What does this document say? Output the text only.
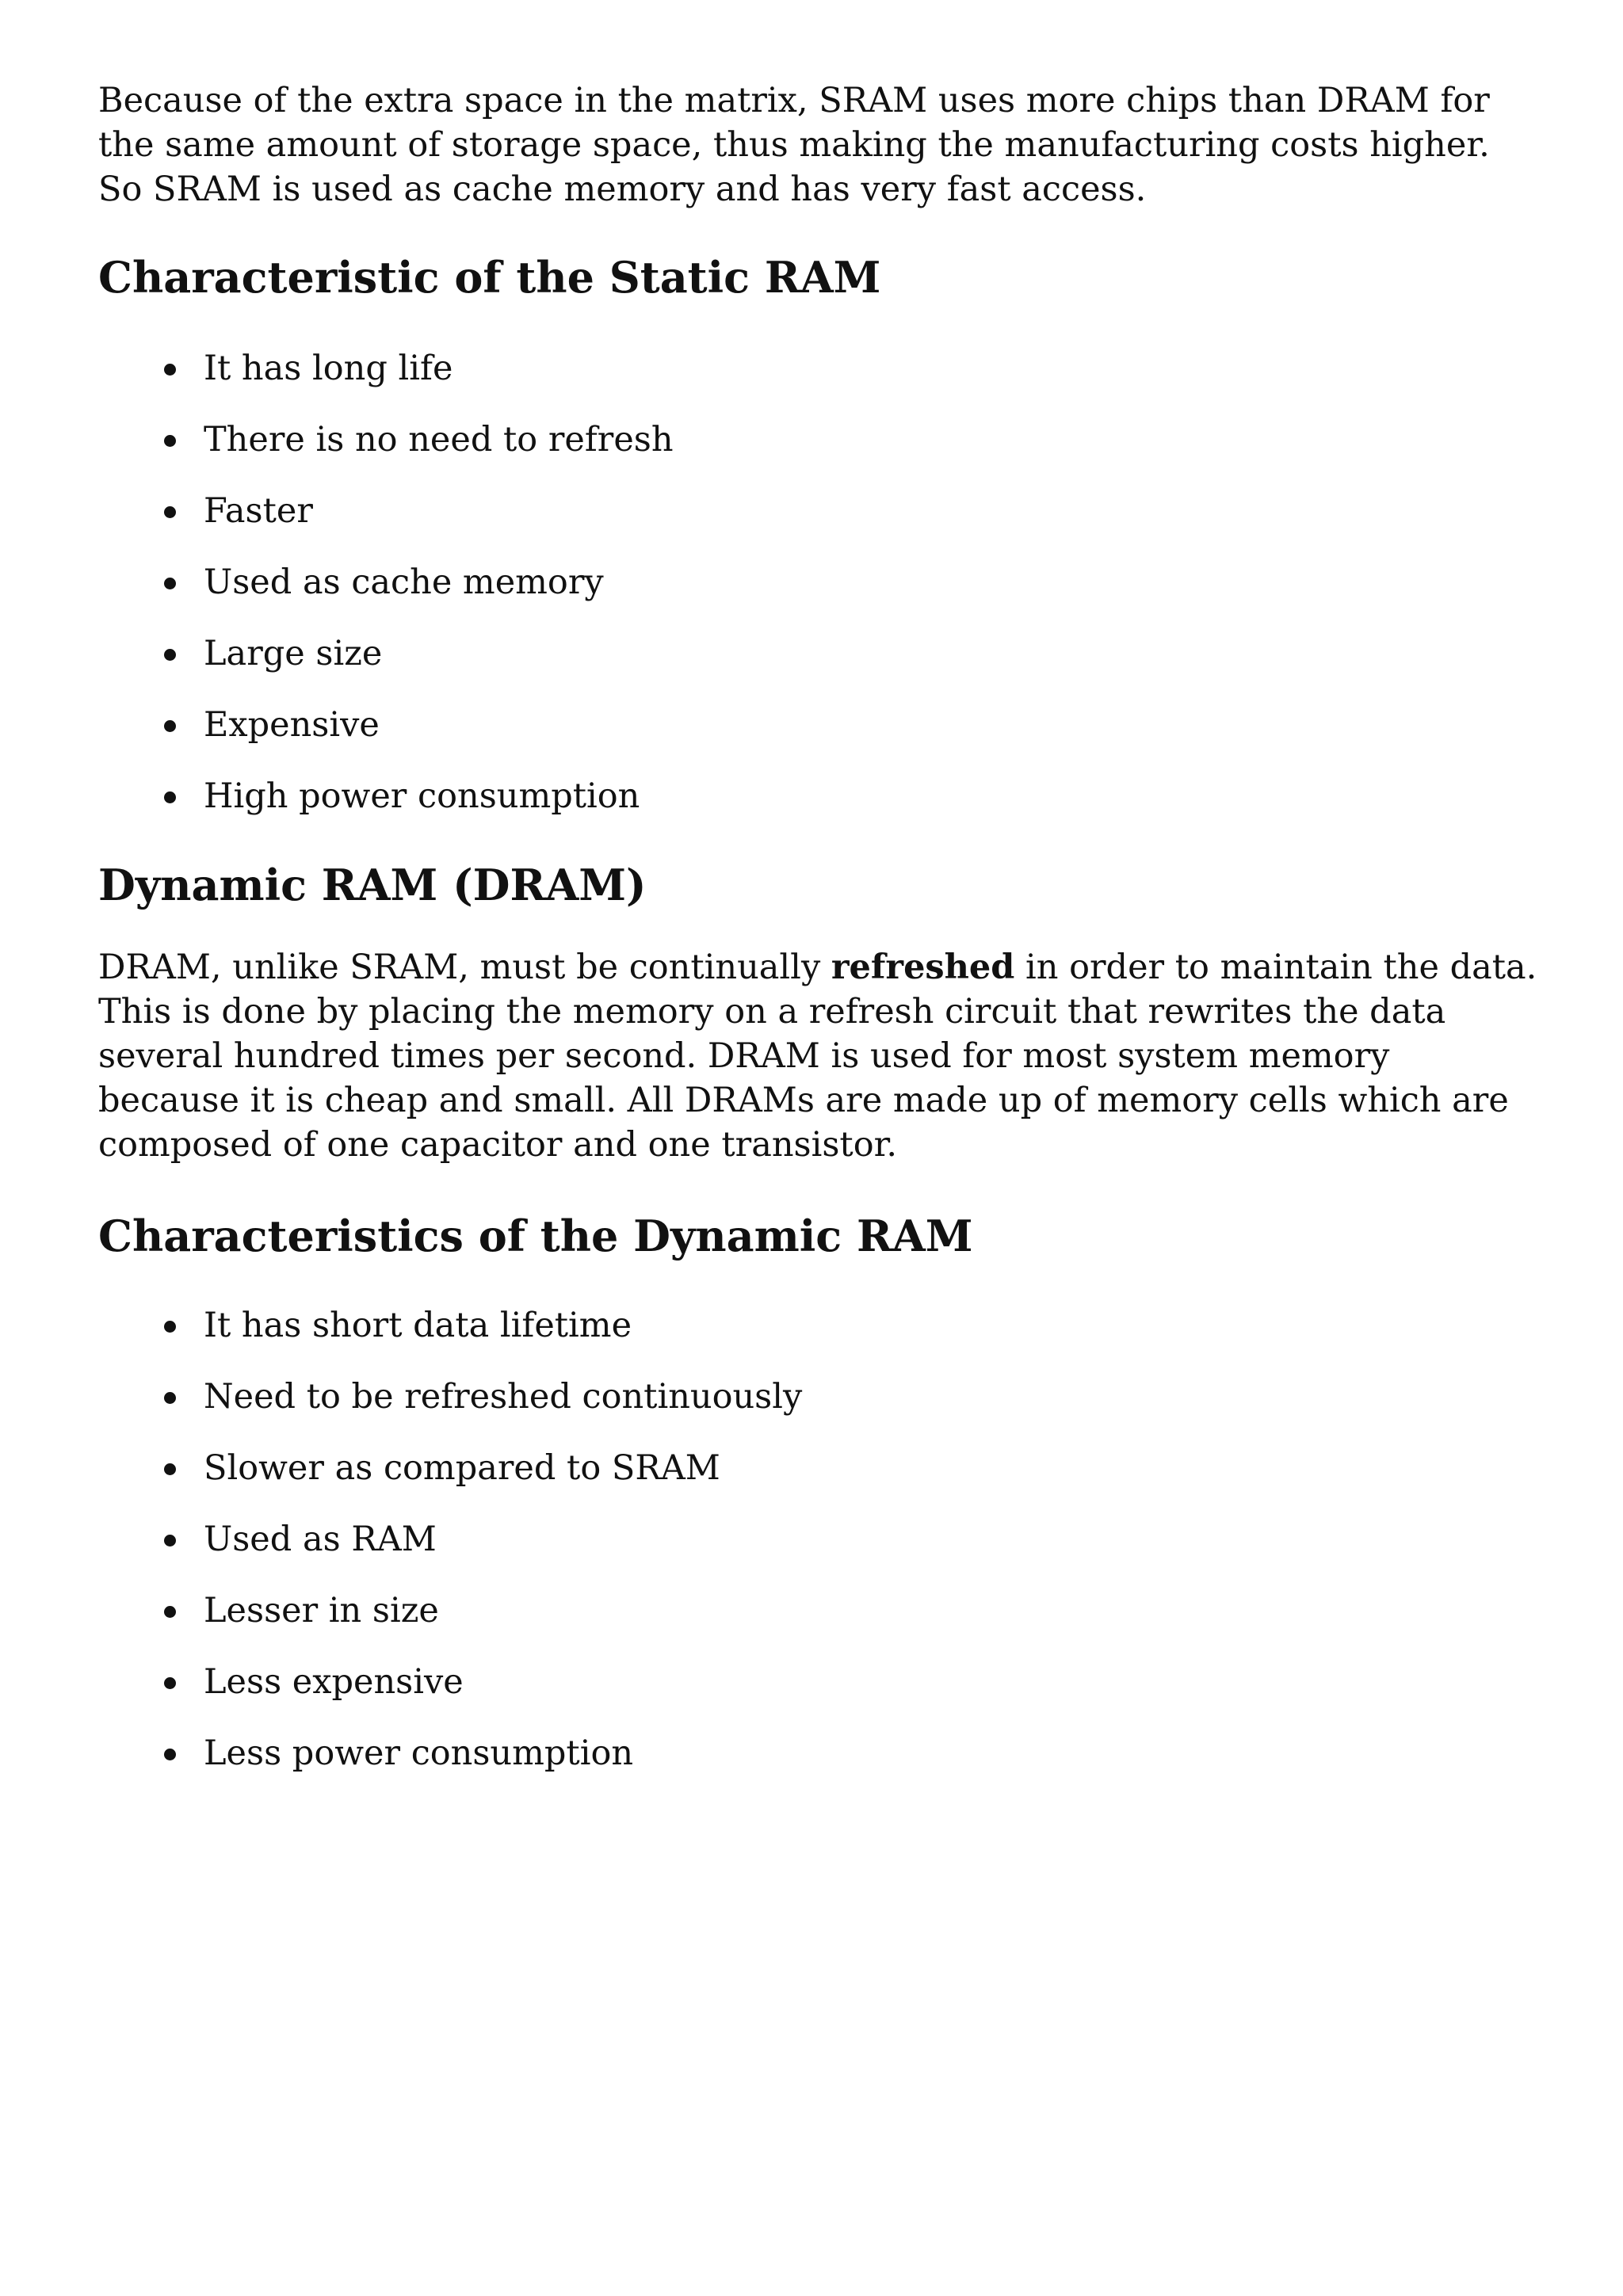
Because of the extra space in the matrix, SRAM uses more chips than DRAM for the same amount of storage space, thus making the manufacturing costs higher. So SRAM is used as cache memory and has very fast access.

Characteristic of the Static RAM
It has long life
There is no need to refresh
Faster
Used as cache memory
Large size
Expensive
High power consumption
Dynamic RAM (DRAM)

DRAM, unlike SRAM, must be continually refreshed in order to maintain the data. This is done by placing the memory on a refresh circuit that rewrites the data several hundred times per second. DRAM is used for most system memory because it is cheap and small. All DRAMs are made up of memory cells which are composed of one capacitor and one transistor.

Characteristics of the Dynamic RAM
It has short data lifetime
Need to be refreshed continuously
Slower as compared to SRAM
Used as RAM
Lesser in size
Less expensive
Less power consumption
